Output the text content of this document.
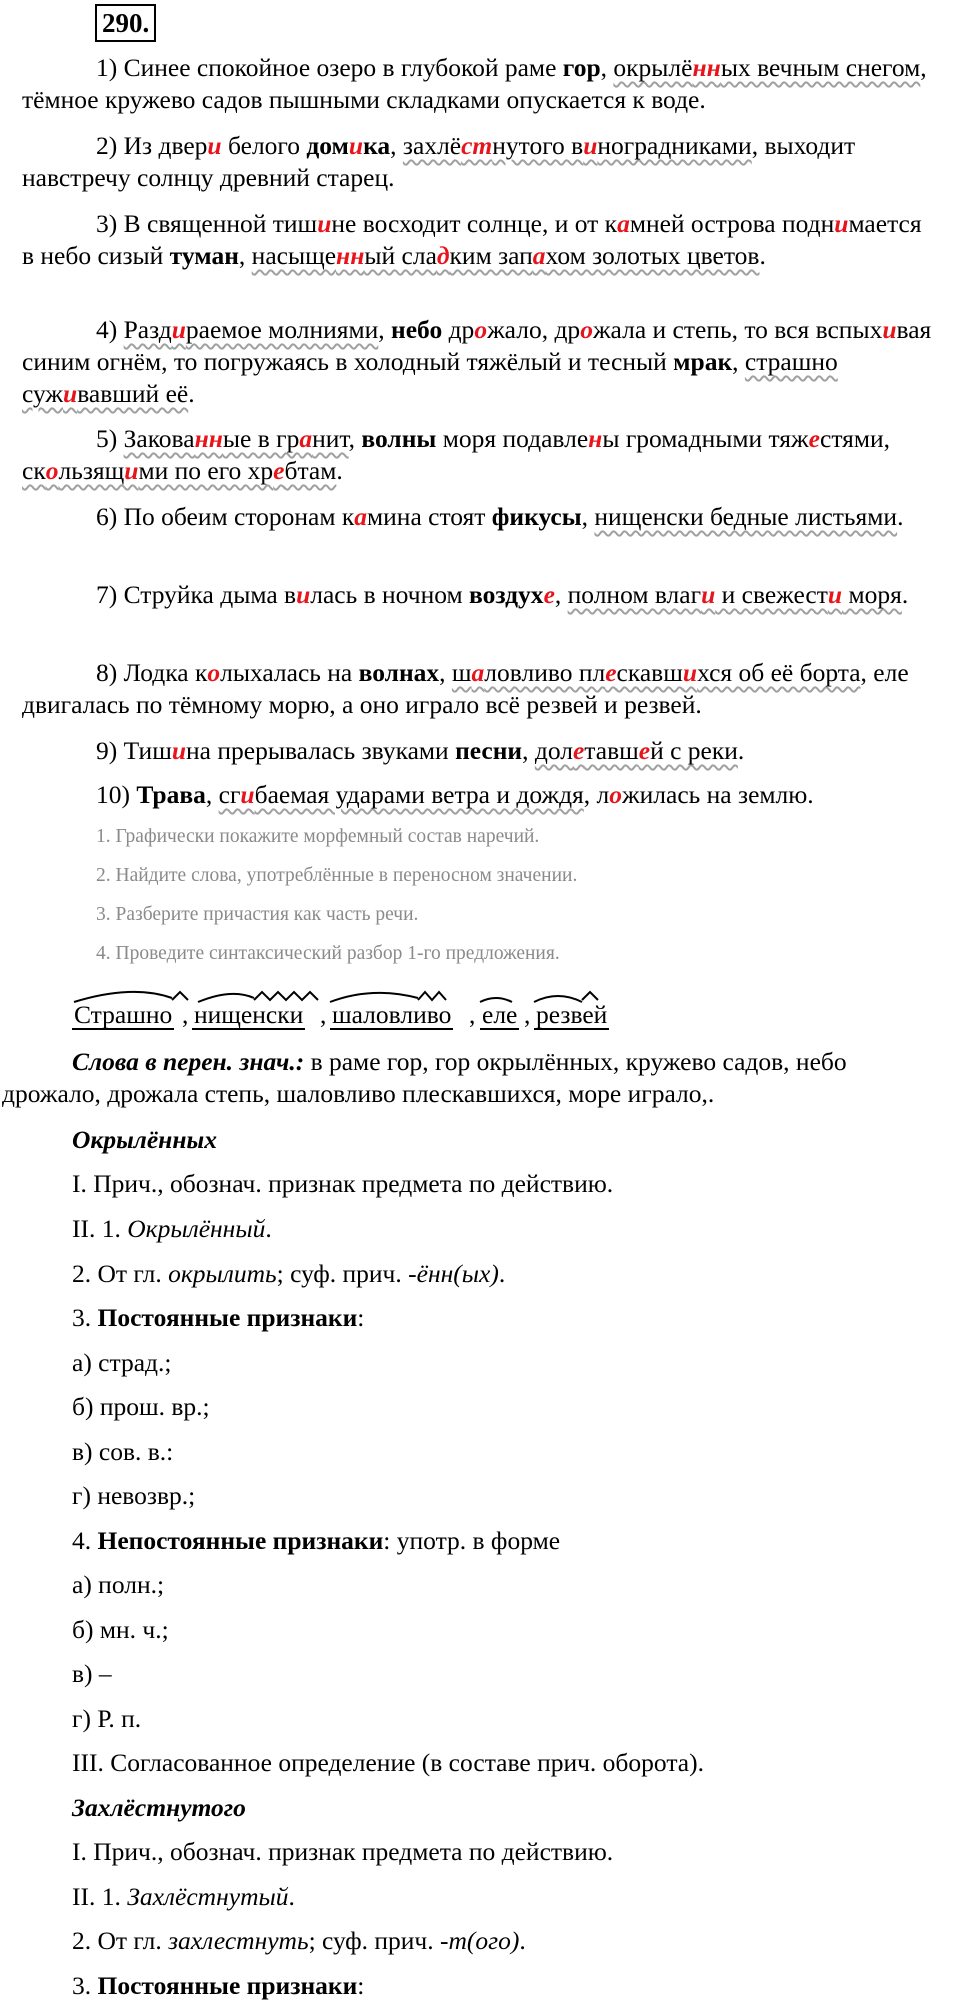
290.
1) Синее спокойное озеро в глубокой раме гор, окрылённых вечным снегом, тёмное кружево садов пышными складками опускается к воде.
2) Из двери белого домика, захлёстнутого виноградниками, выходит навстречу солнцу древний старец.
3) В священной тишине восходит солнце, и от камней острова поднимается в небо сизый туман, насыщенный сладким запахом золотых цветов.
4) Раздираемое молниями, небо дрожало, дрожала и степь, то вся вспыхивая синим огнём, то погружаясь в холодный тяжёлый и тесный мрак, страшно суживавший её.
5) Закованные в гранит, волны моря подавлены громадными тяжестями, скользящими по его хребтам.
6) По обеим сторонам камина стоят фикусы, нищенски бедные листьями.
7) Струйка дыма вилась в ночном воздухе, полном влаги и свежести моря.
8) Лодка колыхалась на волнах, шаловливо плескавшихся об её борта, еле двигалась по тёмному морю, а оно играло всё резвей и резвей.
9) Тишина прерывалась звуками песни, долетавшей с реки.
10) Трава, сгибаемая ударами ветра и дождя, ложилась на землю.
1. Графически покажите морфемный состав наречий.
2. Найдите слова, употреблённые в переносном значении.
3. Разберите причастия как часть речи.
4. Проведите синтаксический разбор 1-го предложения.
Страшно , нищенски , шаловливо , еле , резвей
Слова в перен. знач.: в раме гор, гор окрылённых, кружево садов, небо дрожало, дрожала степь, шаловливо плескавшихся, море играло,.
Окрылённых
I. Прич., обознач. признак предмета по действию.
II. 1. Окрылённый.
2. От гл. окрылить; суф. прич. -ённ(ых).
3. Постоянные признаки:
а) страд.;
б) прош. вр.;
в) сов. в.:
г) невозвр.;
4. Непостоянные признаки: употр. в форме
а) полн.;
б) мн. ч.;
в) –
г) Р. п.
III. Согласованное определение (в составе прич. оборота).
Захлёстнутого
I. Прич., обознач. признак предмета по действию.
II. 1. Захлёстнутый.
2. От гл. захлестнуть; суф. прич. -т(ого).
3. Постоянные признаки:
